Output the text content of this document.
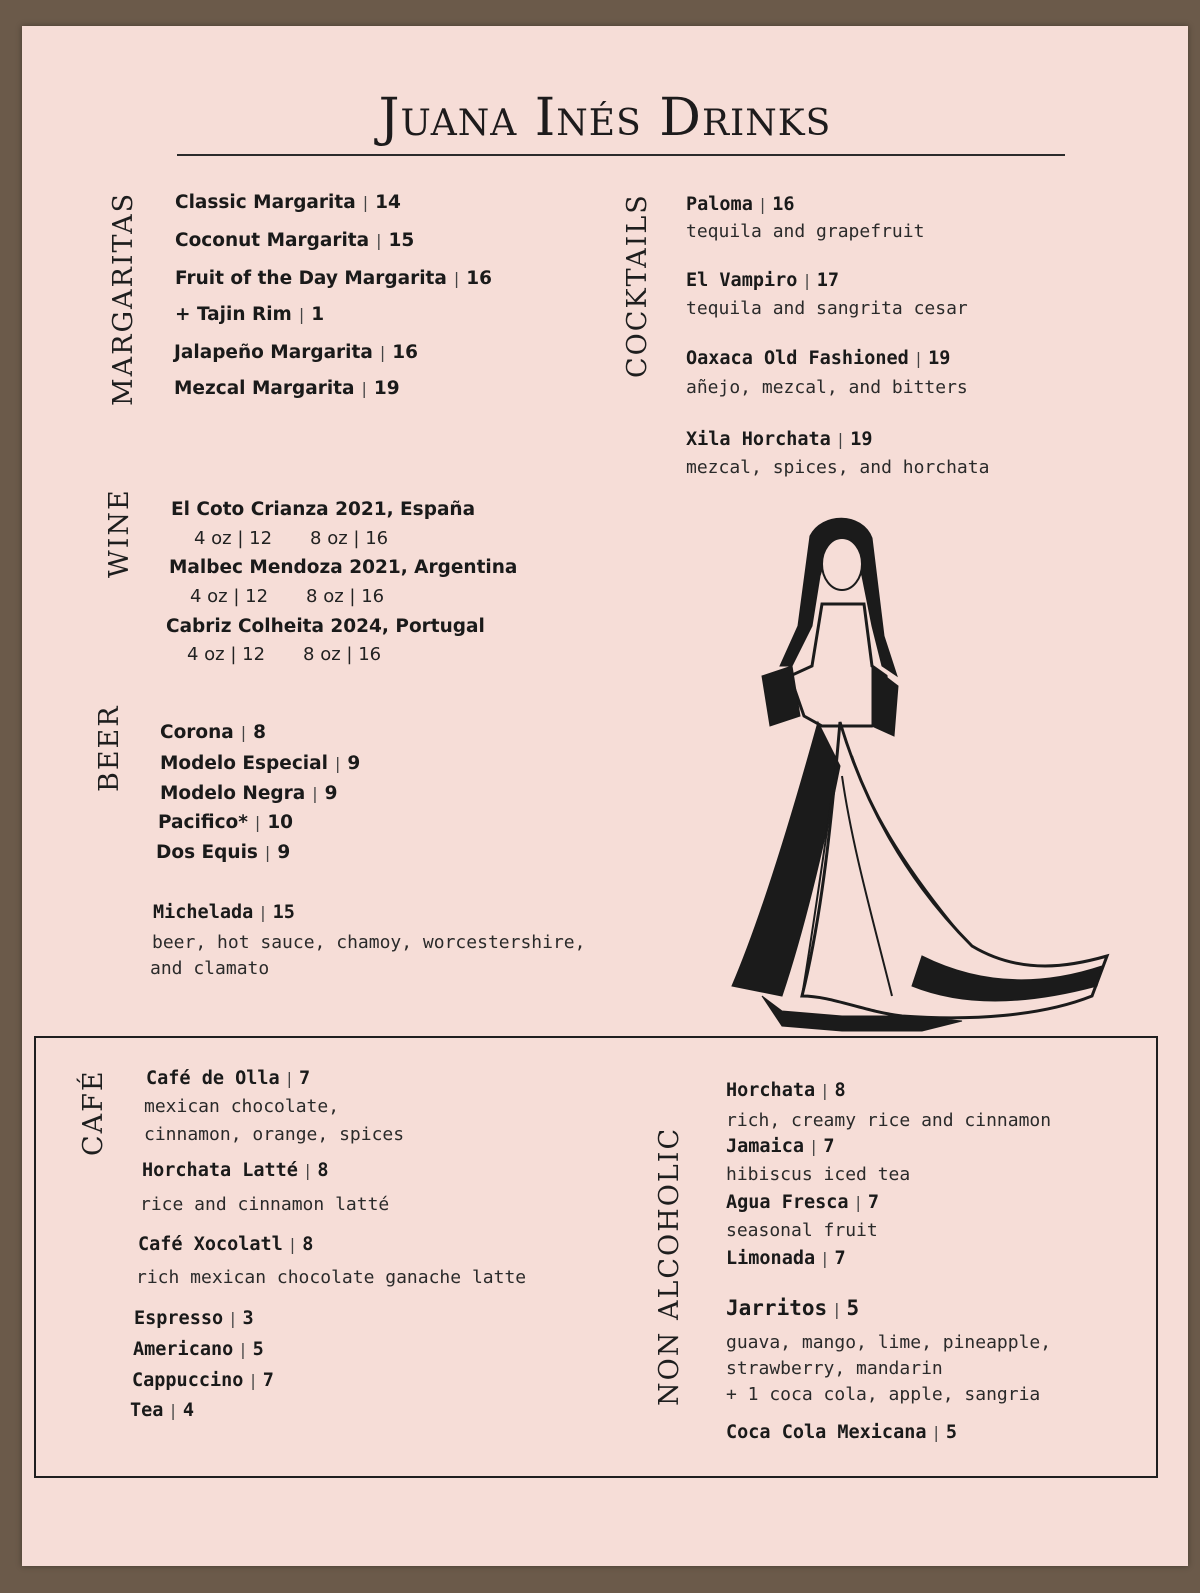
Juana Inés Drinks
MARGARITAS Classic Margarita | 14
Coconut Margarita | 15
Fruit of the Day Margarita | 16
+ Tajin Rim | 1
Jalapeño Margarita | 16
Mezcal Margarita | 19
COCKTAILS Paloma | 16
tequila and grapefruit
El Vampiro | 17
tequila and sangrita cesar
Oaxaca Old Fashioned | 19
añejo, mezcal, and bitters
Xila Horchata | 19
mezcal, spices, and horchata
WINE El Coto Crianza 2021, España
4 oz | 12 8 oz | 16
Malbec Mendoza 2021, Argentina
4 oz | 12 8 oz | 16
Cabriz Colheita 2024, Portugal
4 oz | 12 8 oz | 16
BEER Corona | 8
Modelo Especial | 9
Modelo Negra | 9
Pacifico* | 10
Dos Equis | 9
Michelada | 15
beer, hot sauce, chamoy, worcestershire,
and clamato
CAFÉ Café de Olla | 7
mexican chocolate,
cinnamon, orange, spices
Horchata Latté | 8
rice and cinnamon latté
Café Xocolatl | 8
rich mexican chocolate ganache latte
Espresso | 3
Americano | 5
Cappuccino | 7
Tea | 4
NON ALCOHOLIC
Horchata | 8
rich, creamy rice and cinnamon
Jamaica | 7
hibiscus iced tea
Agua Fresca | 7
seasonal fruit
Limonada | 7
Jarritos | 5
guava, mango, lime, pineapple,
strawberry, mandarin
+ 1 coca cola, apple, sangria
Coca Cola Mexicana | 5
